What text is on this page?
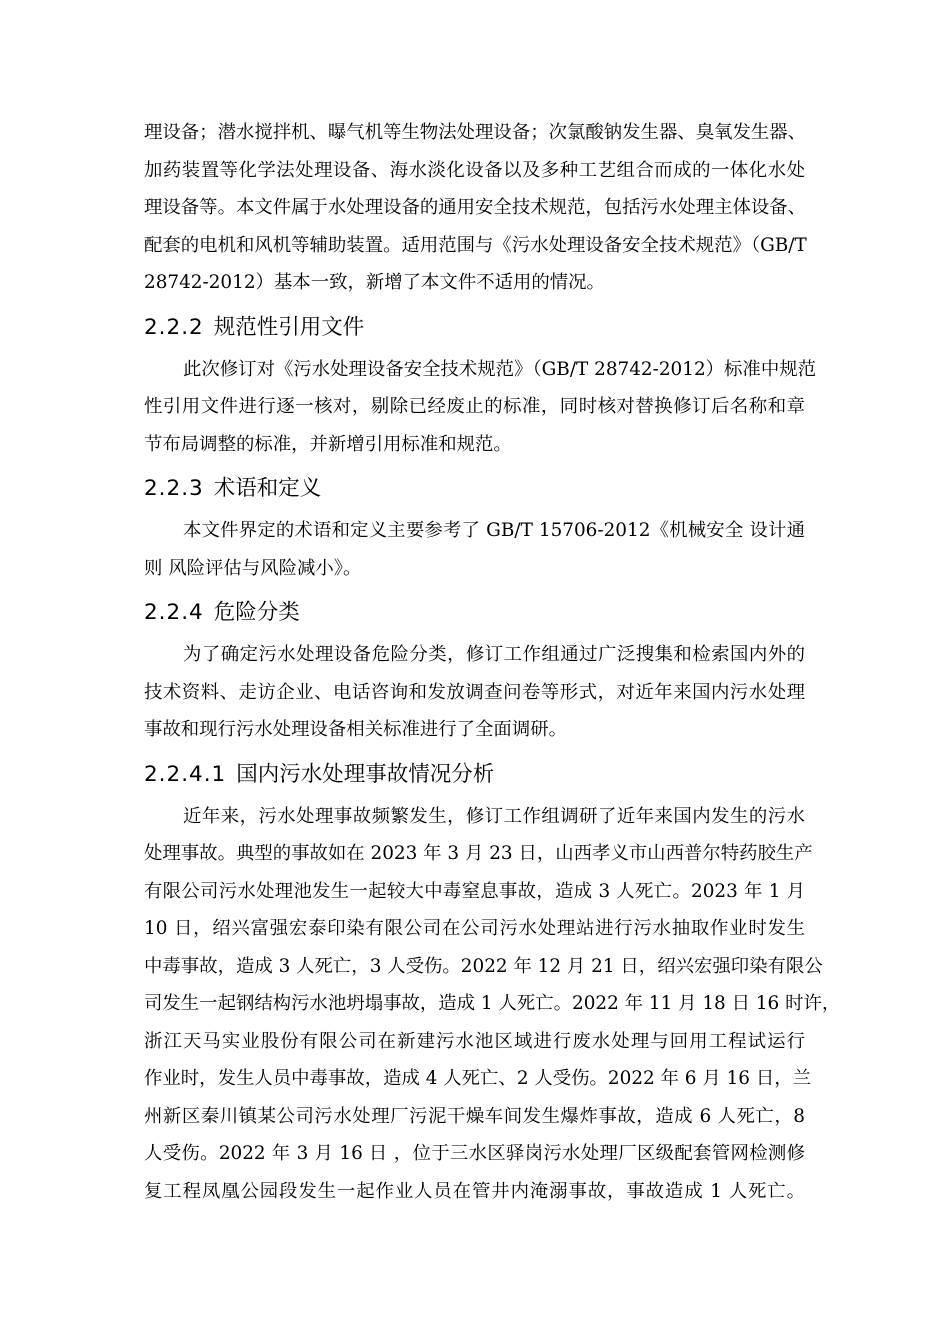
理设备；潜水搅拌机、曝气机等生物法处理设备；次氯酸钠发生器、臭氧发生器、
加药装置等化学法处理设备、海水淡化设备以及多种工艺组合而成的一体化水处
理设备等。本文件属于水处理设备的通用安全技术规范，包括污水处理主体设备、
配套的电机和风机等辅助装置。适用范围与《污水处理设备安全技术规范》（GB/T
28742-2012）基本一致，新增了本文件不适用的情况。
2.2.2 规范性引用文件
此次修订对《污水处理设备安全技术规范》（GB/T 28742-2012）标准中规范
性引用文件进行逐一核对，剔除已经废止的标准，同时核对替换修订后名称和章
节布局调整的标准，并新增引用标准和规范。
2.2.3 术语和定义
本文件界定的术语和定义主要参考了 GB/T 15706-2012《机械安全 设计通
则 风险评估与风险减小》。
2.2.4 危险分类
为了确定污水处理设备危险分类，修订工作组通过广泛搜集和检索国内外的
技术资料、走访企业、电话咨询和发放调查问卷等形式，对近年来国内污水处理
事故和现行污水处理设备相关标准进行了全面调研。
2.2.4.1 国内污水处理事故情况分析
近年来，污水处理事故频繁发生，修订工作组调研了近年来国内发生的污水
处理事故。典型的事故如在 2023 年 3 月 23 日，山西孝义市山西普尔特药胶生产
有限公司污水处理池发生一起较大中毒窒息事故，造成 3 人死亡。2023 年 1 月
10 日，绍兴富强宏泰印染有限公司在公司污水处理站进行污水抽取作业时发生
中毒事故，造成 3 人死亡，3 人受伤。2022 年 12 月 21 日，绍兴宏强印染有限公
司发生一起钢结构污水池坍塌事故，造成 1 人死亡。2022 年 11 月 18 日 16 时许，
浙江天马实业股份有限公司在新建污水池区域进行废水处理与回用工程试运行
作业时，发生人员中毒事故，造成 4 人死亡、2 人受伤。2022 年 6 月 16 日，兰
州新区秦川镇某公司污水处理厂污泥干燥车间发生爆炸事故，造成 6 人死亡，8
人受伤。2022 年 3 月 16 日 ，位于三水区驿岗污水处理厂区级配套管网检测修
复工程凤凰公园段发生一起作业人员在管井内淹溺事故，事故造成 1 人死亡。
